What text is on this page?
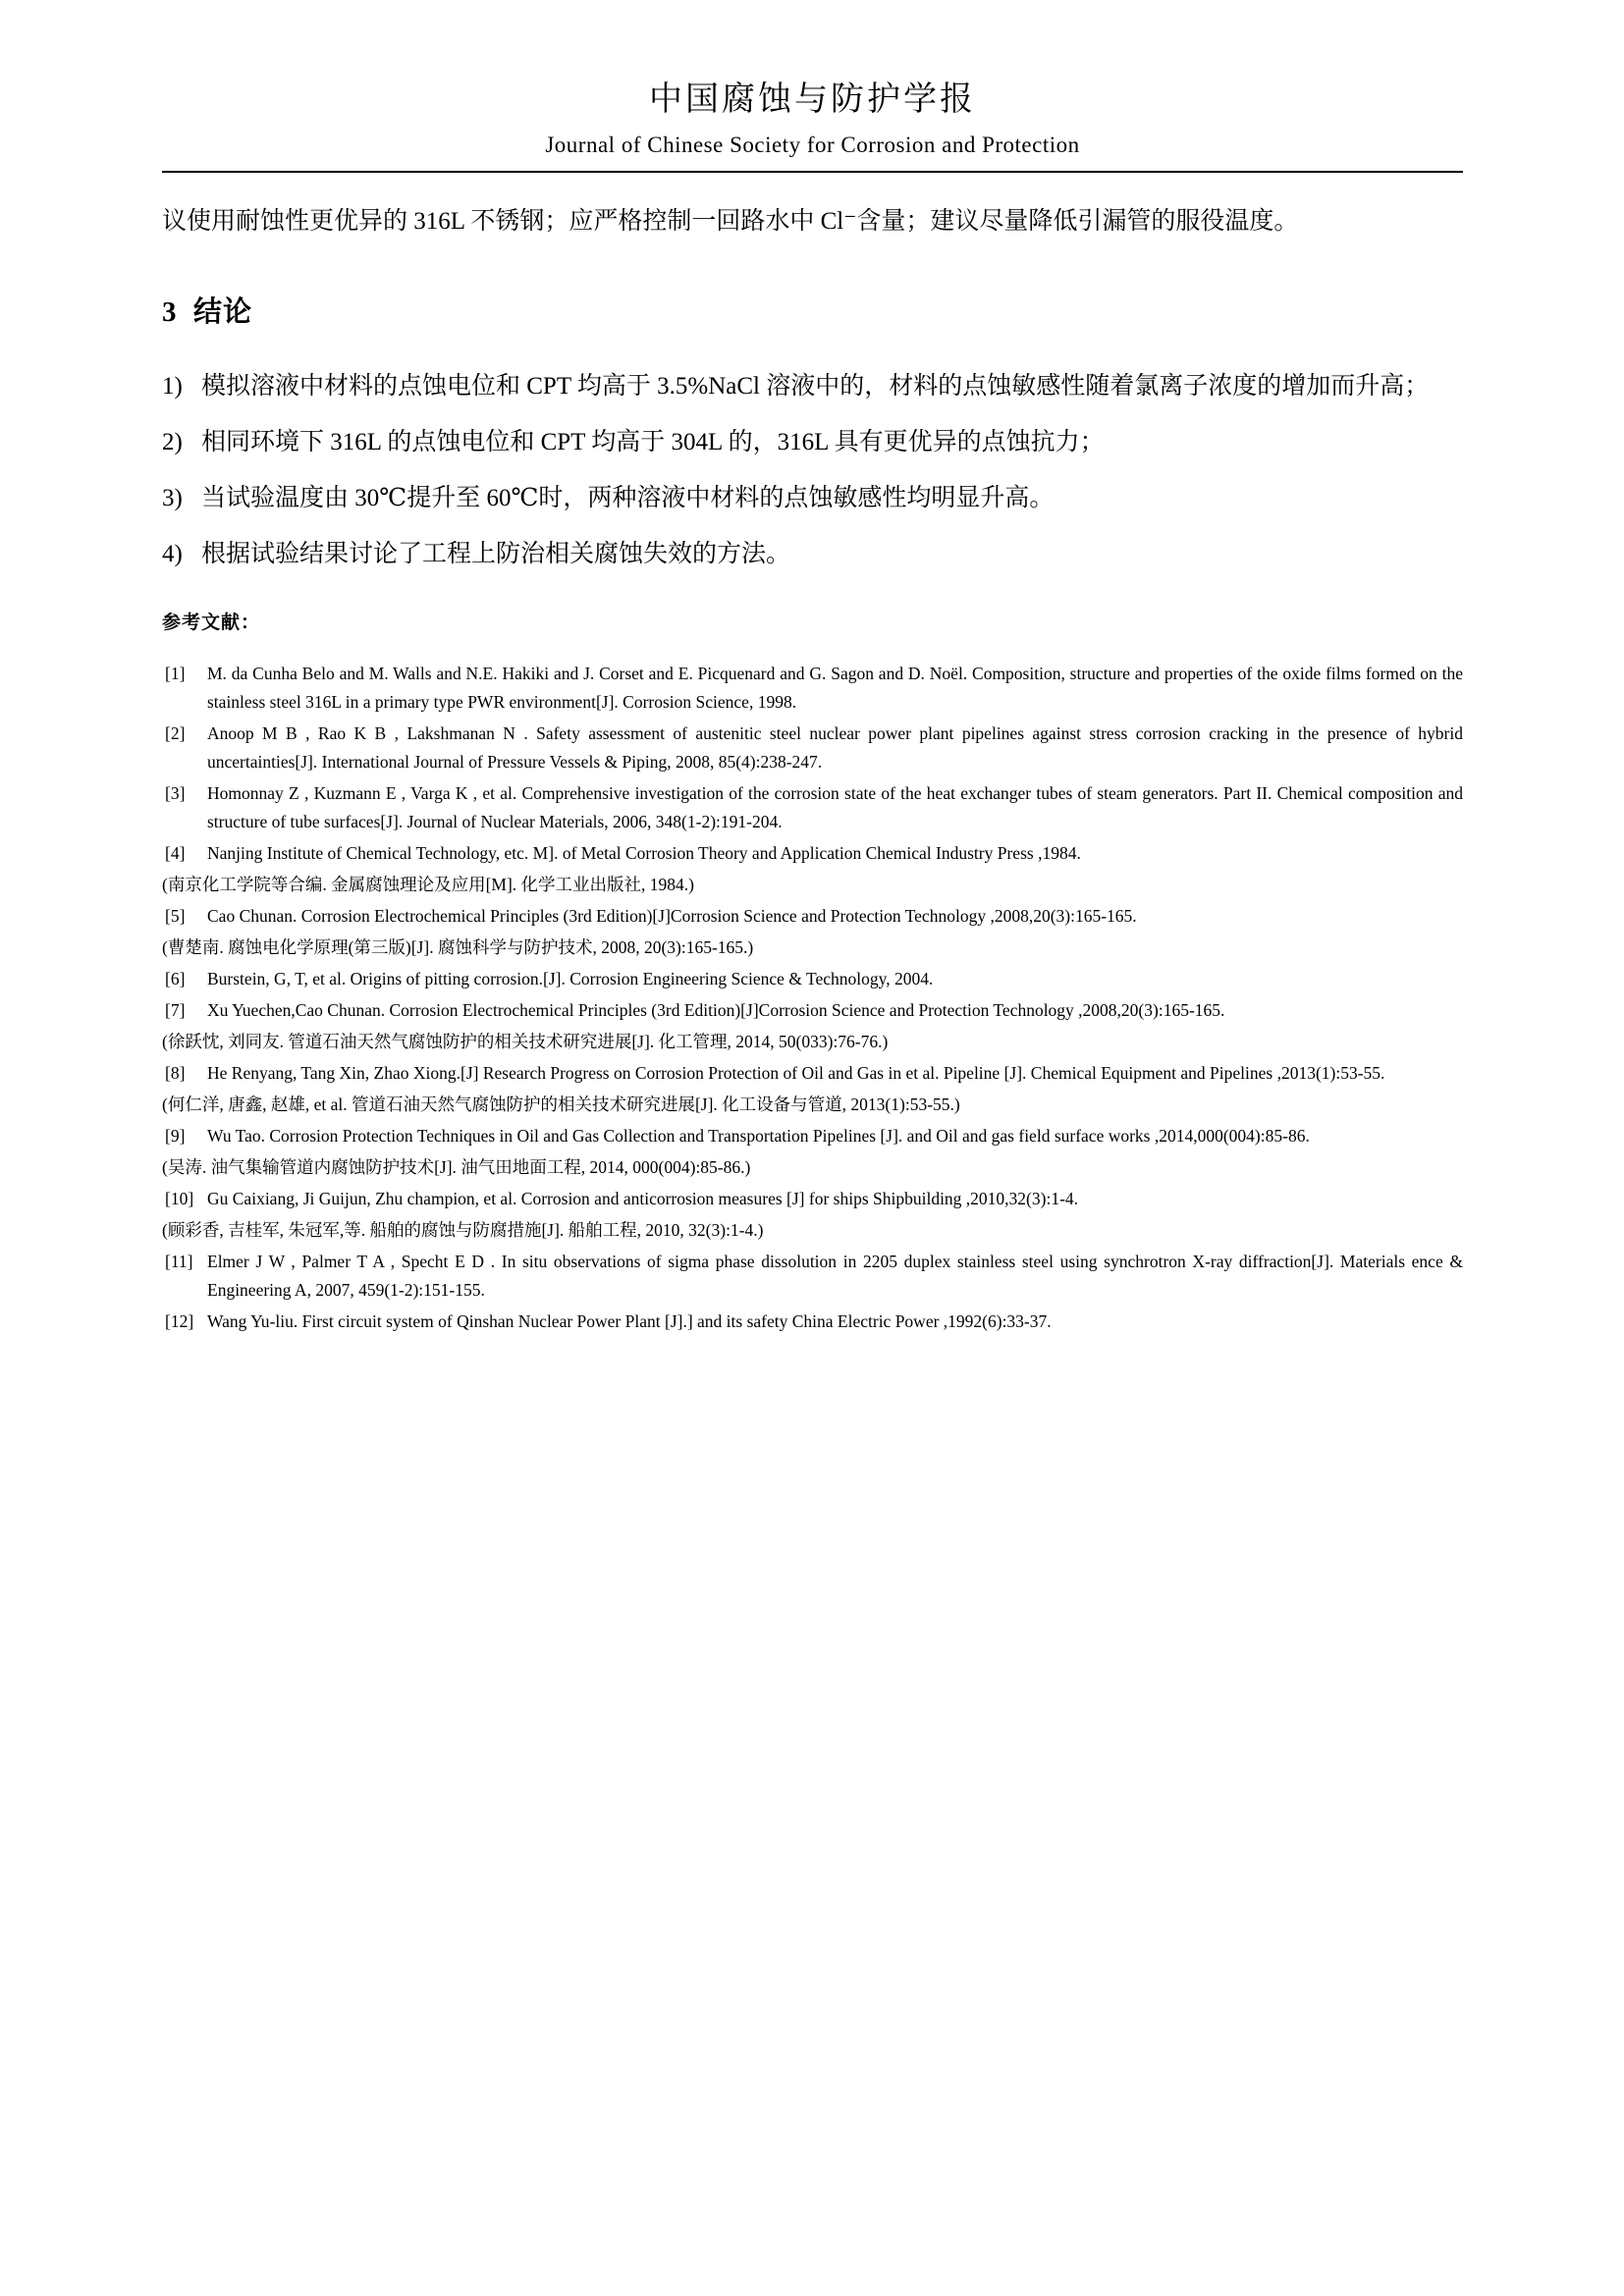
中国腐蚀与防护学报
Journal of Chinese Society for Corrosion and Protection

议使用耐蚀性更优异的 316L 不锈钢；应严格控制一回路水中 Cl⁻含量；建议尽量降低引漏管的服役温度。

3  结论
1) 模拟溶液中材料的点蚀电位和 CPT 均高于 3.5%NaCl 溶液中的，材料的点蚀敏感性随着氯离子浓度的增加而升高；
2) 相同环境下 316L 的点蚀电位和 CPT 均高于 304L 的，316L 具有更优异的点蚀抗力；
3) 当试验温度由 30℃提升至 60℃时，两种溶液中材料的点蚀敏感性均明显升高。
4) 根据试验结果讨论了工程上防治相关腐蚀失效的方法。
参考文献：
[1] M. da Cunha Belo and M. Walls and N.E. Hakiki and J. Corset and E. Picquenard and G. Sagon and D. Noël. Composition, structure and properties of the oxide films formed on the stainless steel 316L in a primary type PWR environment[J]. Corrosion Science, 1998.
[2] Anoop M B , Rao K B , Lakshmanan N . Safety assessment of austenitic steel nuclear power plant pipelines against stress corrosion cracking in the presence of hybrid uncertainties[J]. International Journal of Pressure Vessels & Piping, 2008, 85(4):238-247.
[3] Homonnay Z , Kuzmann E , Varga K , et al. Comprehensive investigation of the corrosion state of the heat exchanger tubes of steam generators. Part II. Chemical composition and structure of tube surfaces[J]. Journal of Nuclear Materials, 2006, 348(1-2):191-204.
[4] Nanjing Institute of Chemical Technology, etc. M]. of Metal Corrosion Theory and Application Chemical Industry Press ,1984.
(南京化工学院等合编. 金属腐蚀理论及应用[M]. 化学工业出版社, 1984.)
[5] Cao Chunan. Corrosion Electrochemical Principles (3rd Edition)[J]Corrosion Science and Protection Technology ,2008,20(3):165-165.
(曹楚南. 腐蚀电化学原理(第三版)[J]. 腐蚀科学与防护技术, 2008, 20(3):165-165.)
[6] Burstein, G, T, et al. Origins of pitting corrosion.[J]. Corrosion Engineering Science & Technology, 2004.
[7] Xu Yuechen,Cao Chunan. Corrosion Electrochemical Principles (3rd Edition)[J]Corrosion Science and Protection Technology ,2008,20(3):165-165.
(徐跃忱, 刘同友. 管道石油天然气腐蚀防护的相关技术研究进展[J]. 化工管理, 2014, 50(033):76-76.)
[8] He Renyang, Tang Xin, Zhao Xiong.[J] Research Progress on Corrosion Protection of Oil and Gas in et al. Pipeline [J]. Chemical Equipment and Pipelines ,2013(1):53-55.
(何仁洋, 唐鑫, 赵雄, et al. 管道石油天然气腐蚀防护的相关技术研究进展[J]. 化工设备与管道, 2013(1):53-55.)
[9] Wu Tao. Corrosion Protection Techniques in Oil and Gas Collection and Transportation Pipelines [J]. and Oil and gas field surface works ,2014,000(004):85-86.
(吴涛. 油气集输管道内腐蚀防护技术[J]. 油气田地面工程, 2014, 000(004):85-86.)
[10] Gu Caixiang, Ji Guijun, Zhu champion, et al. Corrosion and anticorrosion measures [J] for ships Shipbuilding ,2010,32(3):1-4.
(顾彩香, 吉桂军, 朱冠军,等. 船舶的腐蚀与防腐措施[J]. 船舶工程, 2010, 32(3):1-4.)
[11] Elmer J W , Palmer T A , Specht E D . In situ observations of sigma phase dissolution in 2205 duplex stainless steel using synchrotron X-ray diffraction[J]. Materials ence & Engineering A, 2007, 459(1-2):151-155.
[12] Wang Yu-liu. First circuit system of Qinshan Nuclear Power Plant [J].] and its safety China Electric Power ,1992(6):33-37.
